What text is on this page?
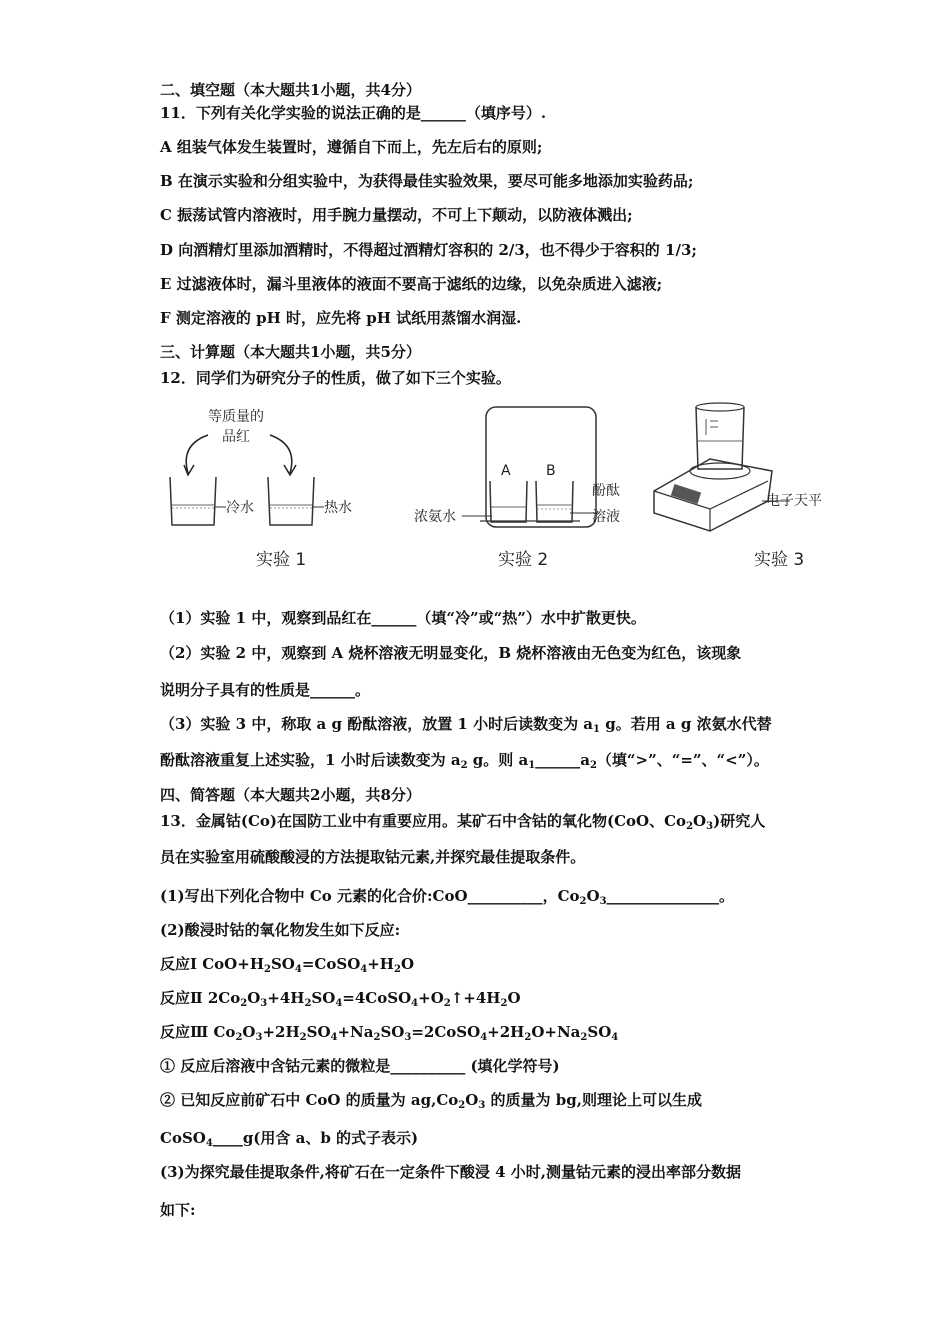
二、填空题（本大题共1小题，共4分）
11．下列有关化学实验的说法正确的是______（填序号）.
A 组装气体发生装置时，遵循自下而上，先左后右的原则;
B 在演示实验和分组实验中，为获得最佳实验效果，要尽可能多地添加实验药品;
C 振荡试管内溶液时，用手腕力量摆动，不可上下颠动，以防液体溅出;
D 向酒精灯里添加酒精时，不得超过酒精灯容积的 2/3，也不得少于容积的 1/3;
E 过滤液体时，漏斗里液体的液面不要高于滤纸的边缘，以免杂质进入滤液;
F 测定溶液的 pH 时，应先将 pH 试纸用蒸馏水润湿.
三、计算题（本大题共1小题，共5分）
12．同学们为研究分子的性质，做了如下三个实验。
等质量的
品红
冷水	热水
A	B
浓氨水
酚酞
溶液
电子天平
实验 1	实验 2	实验 3
（1）实验 1 中，观察到品红在______（填“冷”或“热”）水中扩散更快。
（2）实验 2 中，观察到 A 烧杯溶液无明显变化，B 烧杯溶液由无色变为红色，该现象
说明分子具有的性质是______。
（3）实验 3 中，称取 a g 酚酞溶液，放置 1 小时后读数变为 $a_1$ g。若用 a g 浓氨水代替
酚酞溶液重复上述实验，1 小时后读数变为 $a_2$ g。则 $a_1\_\_\_\_\_\_a_2$（填“>”、“=”、“<”）。
四、简答题（本大题共2小题，共8分）
13．金属钴(Co)在国防工业中有重要应用。某矿石中含钴的氧化物(CoO、$Co_2O_3$)研究人
员在实验室用硫酸酸浸的方法提取钴元素,并探究最佳提取条件。
(1)写出下列化合物中 Co 元素的化合价:CoO__________，$Co_2O_3\_\_\_\_\_\_\_\_\_\_\_\_\_\_\_$。
(2)酸浸时钴的氧化物发生如下反应:
反应Ⅰ $CoO+H_2SO_4=CoSO_4+H_2O$
反应Ⅱ $2Co_2O_3+4H_2SO_4=4CoSO_4+O_2↑+4H_2O$
反应Ⅲ $Co_2O_3+2H_2SO_4+Na_2SO_3=2CoSO_4+2H_2O+Na_2SO_4$
① 反应后溶液中含钴元素的微粒是__________ (填化学符号)
② 已知反应前矿石中 CoO 的质量为 $ag,Co_2O_3$ 的质量为 bg,则理论上可以生成
CoSO$_4$____g(用含 a、b 的式子表示)
(3)为探究最佳提取条件,将矿石在一定条件下酸浸 4 小时,测量钴元素的浸出率部分数据
如下:
